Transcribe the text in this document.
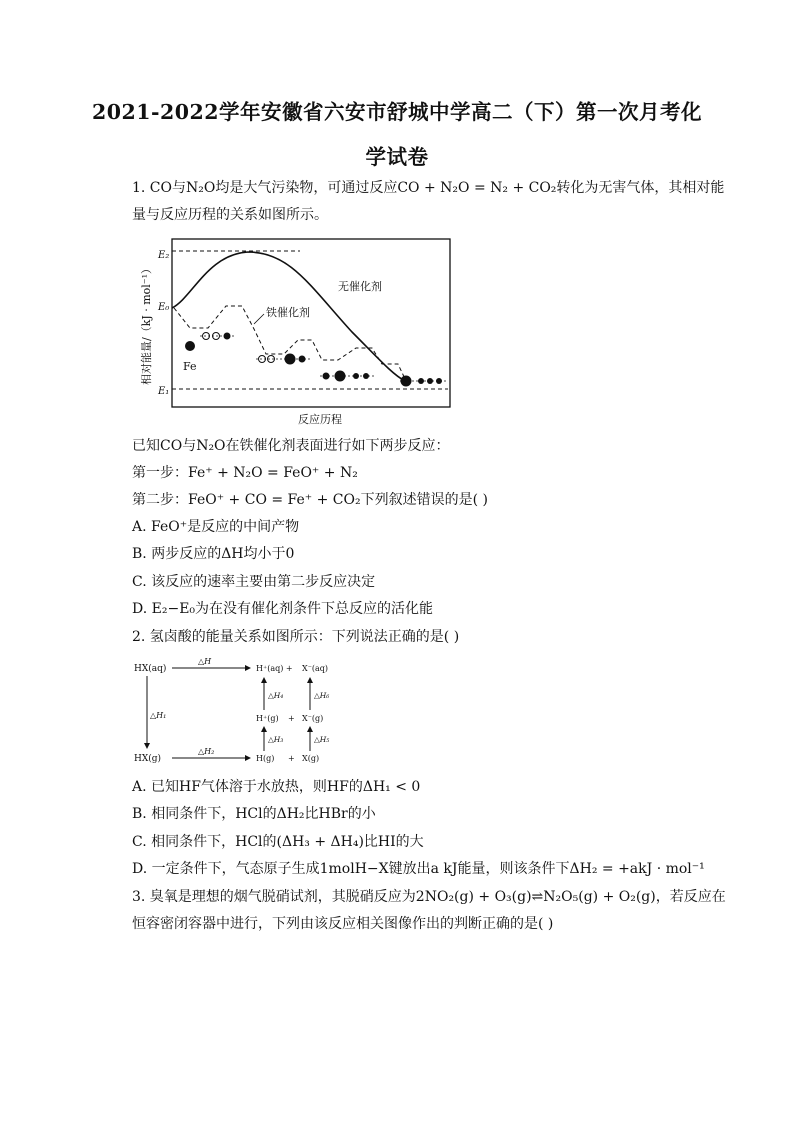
2021-2022学年安徽省六安市舒城中学高二（下）第一次月考化
学试卷
1. CO与N₂O均是大气污染物，可通过反应CO + N₂O = N₂ + CO₂转化为无害气体，其相对能
量与反应历程的关系如图所示。
相对能量/（kJ · mol⁻¹）
反应历程
E₂
E₀
E₁
无催化剂
铁催化剂
Fe
已知CO与N₂O在铁催化剂表面进行如下两步反应：
第一步：Fe⁺ + N₂O = FeO⁺ + N₂
第二步：FeO⁺ + CO = Fe⁺ + CO₂下列叙述错误的是( )
A. FeO⁺是反应的中间产物
B. 两步反应的ΔH均小于0
C. 该反应的速率主要由第二步反应决定
D. E₂−E₀为在没有催化剂条件下总反应的活化能
2. 氢卤酸的能量关系如图所示：下列说法正确的是( )
HX(aq)
HX(g)
△H
△H₁
△H₂
H⁺(aq) + X⁻(aq)
H⁺(g) + X⁻(g)
H(g) + X(g)
△H₄	△H₆
△H₃	△H₅
A. 已知HF气体溶于水放热，则HF的ΔH₁ < 0
B. 相同条件下，HCl的ΔH₂比HBr的小
C. 相同条件下，HCl的(ΔH₃ + ΔH₄)比HI的大
D. 一定条件下，气态原子生成1molH−X键放出a kJ能量，则该条件下ΔH₂ = +akJ · mol⁻¹
3. 臭氧是理想的烟气脱硝试剂，其脱硝反应为2NO₂(g) + O₃(g)⇌N₂O₅(g) + O₂(g)，若反应在
恒容密闭容器中进行，下列由该反应相关图像作出的判断正确的是( )
